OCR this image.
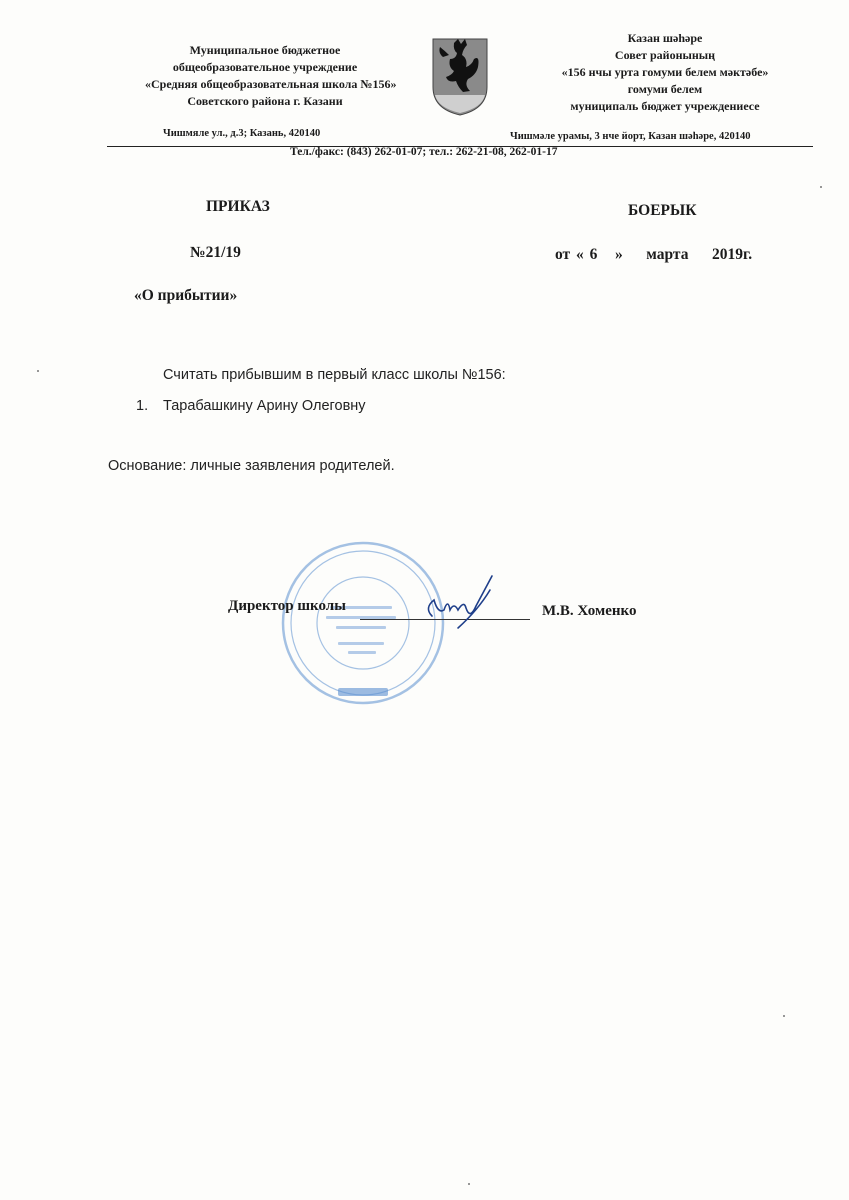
Муниципальное бюджетное
общеобразовательное учреждение
«Средняя общеобразовательная школа №156»
Советского района г. Казани
Казан шәһәре
Совет районының
«156 нчы урта гомуми белем мәктәбе»
гомуми белем
муниципаль бюджет учреждениесе
Чишмяле ул., д.3; Казань, 420140	Чишмәле урамы, 3 нче йорт, Казан шәһәре, 420140
Тел./факс: (843) 262-01-07; тел.: 262-21-08, 262-01-17
ПРИКАЗ	БОЕРЫК
№21/19	от « 6   »    марта    2019г.
«О прибытии»
Считать прибывшим в первый класс школы №156:
1. Тарабашкину Арину Олеговну
Основание: личные заявления родителей.
Директор школы	М.В. Хоменко
